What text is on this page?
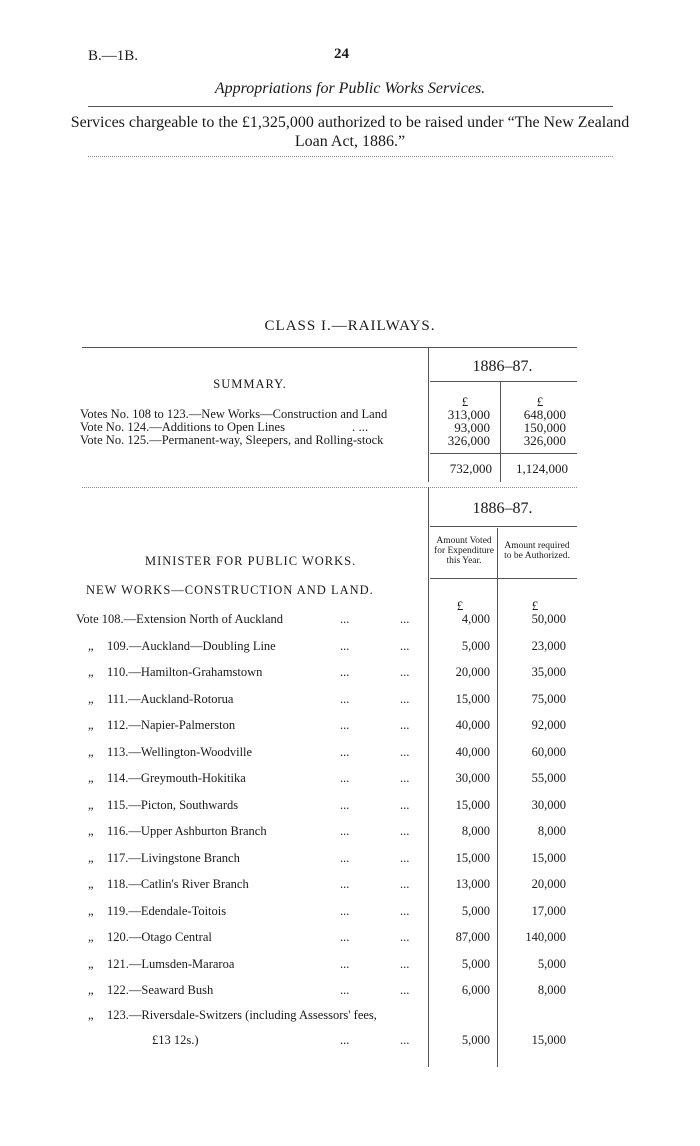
B.—1B.	24
Appropriations for Public Works Services.
Services chargeable to the £1,325,000 authorized to be raised under “The New Zealand Loan Act, 1886.”
CLASS I.—RAILWAYS.
1886–87.
SUMMARY.
£	£
Votes No. 108 to 123.—New Works—Construction and Land	313,000	648,000
Vote No. 124.—Additions to Open Lines	. ...	93,000	150,000
Vote No. 125.—Permanent-way, Sleepers, and Rolling-stock	326,000	326,000
732,000	1,124,000
1886–87.
Amount Voted for Expenditure this Year.
Amount required to be Authorized.
MINISTER FOR PUBLIC WORKS.
NEW WORKS—CONSTRUCTION AND LAND.
£	£
Vote 108.—Extension North of Auckland	...	...	4,000	50,000
„ 109.—Auckland—Doubling Line	...	...	5,000	23,000
„ 110.—Hamilton-Grahamstown	...	...	20,000	35,000
„ 111.—Auckland-Rotorua	...	...	15,000	75,000
„ 112.—Napier-Palmerston	...	...	40,000	92,000
„ 113.—Wellington-Woodville	...	...	40,000	60,000
„ 114.—Greymouth-Hokitika	...	...	30,000	55,000
„ 115.—Picton, Southwards	...	...	15,000	30,000
„ 116.—Upper Ashburton Branch	...	...	8,000	8,000
„ 117.—Livingstone Branch	...	...	15,000	15,000
„ 118.—Catlin's River Branch	...	...	13,000	20,000
„ 119.—Edendale-Toitois	...	...	5,000	17,000
„ 120.—Otago Central	...	...	87,000	140,000
„ 121.—Lumsden-Mararoa	...	...	5,000	5,000
„ 122.—Seaward Bush	...	...	6,000	8,000
„ 123.—Riversdale-Switzers (including Assessors' fees,
£13 12s.)	...	...	5,000	15,000
